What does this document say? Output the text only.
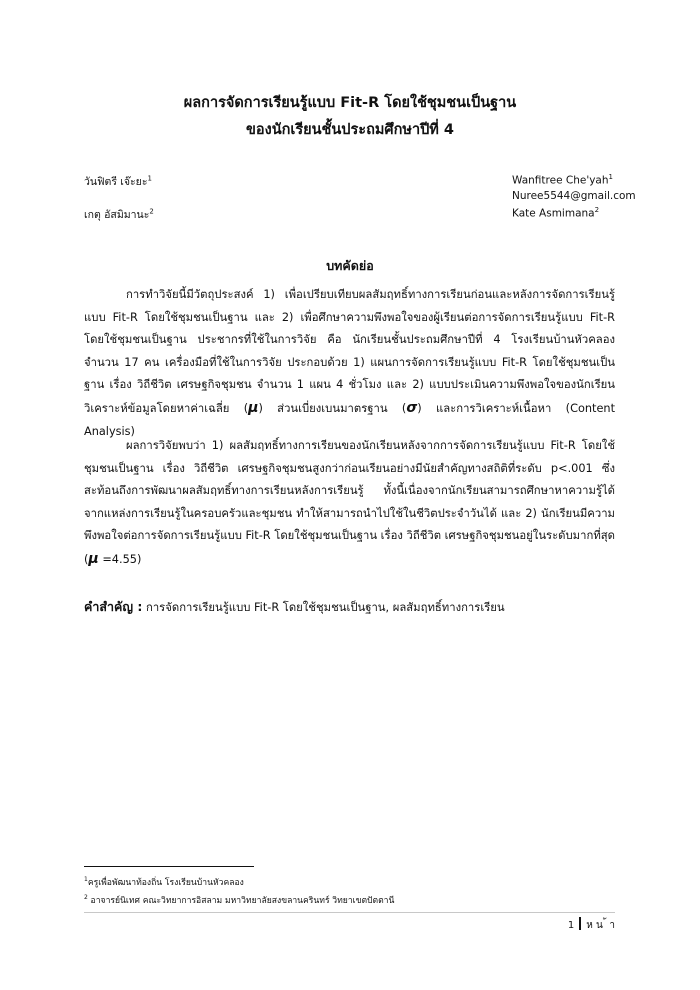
ผลการจัดการเรียนรู้แบบ Fit-R โดยใช้ชุมชนเป็นฐาน
ของนักเรียนชั้นประถมศึกษาปีที่ 4
วันฟิตรี เจ๊ะยะ$^1$
เกตุ อัสมิมานะ$^2$
Wanfitree Che'yah$^1$
Nuree5544@gmail.com
Kate Asmimana$^2$
บทคัดย่อ

การทำวิจัยนี้มีวัตถุประสงค์ 1) เพื่อเปรียบเทียบผลสัมฤทธิ์ทางการเรียนก่อนและหลังการจัดการเรียนรู้แบบ Fit-R โดยใช้ชุมชนเป็นฐาน และ 2) เพื่อศึกษาความพึงพอใจของผู้เรียนต่อการจัดการเรียนรู้แบบ Fit-R โดยใช้ชุมชนเป็นฐาน ประชากรที่ใช้ในการวิจัย คือ นักเรียนชั้นประถมศึกษาปีที่ 4 โรงเรียนบ้านหัวคลอง จำนวน 17 คน เครื่องมือที่ใช้ในการวิจัย ประกอบด้วย 1) แผนการจัดการเรียนรู้แบบ Fit-R โดยใช้ชุมชนเป็นฐาน เรื่อง วิถีชีวิต เศรษฐกิจชุมชน จำนวน 1 แผน 4 ชั่วโมง และ 2) แบบประเมินความพึงพอใจของนักเรียน วิเคราะห์ข้อมูลโดยหาค่าเฉลี่ย (μ) ส่วนเบี่ยงเบนมาตรฐาน (σ) และการวิเคราะห์เนื้อหา (Content Analysis)

ผลการวิจัยพบว่า 1) ผลสัมฤทธิ์ทางการเรียนของนักเรียนหลังจากการจัดการเรียนรู้แบบ Fit-R โดยใช้ชุมชนเป็นฐาน เรื่อง วิถีชีวิต เศรษฐกิจชุมชนสูงกว่าก่อนเรียนอย่างมีนัยสำคัญทางสถิติที่ระดับ p<.001 ซึ่งสะท้อนถึงการพัฒนาผลสัมฤทธิ์ทางการเรียนหลังการเรียนรู้ ทั้งนี้เนื่องจากนักเรียนสามารถศึกษาหาความรู้ได้จากแหล่งการเรียนรู้ในครอบครัวและชุมชน ทำให้สามารถนำไปใช้ในชีวิตประจำวันได้ และ 2) นักเรียนมีความพึงพอใจต่อการจัดการเรียนรู้แบบ Fit-R โดยใช้ชุมชนเป็นฐาน เรื่อง วิถีชีวิต เศรษฐกิจชุมชนอยู่ในระดับมากที่สุด (μ =4.55)

คำสำคัญ : การจัดการเรียนรู้แบบ Fit-R โดยใช้ชุมชนเป็นฐาน, ผลสัมฤทธิ์ทางการเรียน
$^1$ครูเพื่อพัฒนาท้องถิ่น โรงเรียนบ้านหัวคลอง
$^2$ อาจารย์นิเทศ คณะวิทยาการอิสลาม มหาวิทยาลัยสงขลานครินทร์ วิทยาเขตปัตตานี
1 ห น ้ า
